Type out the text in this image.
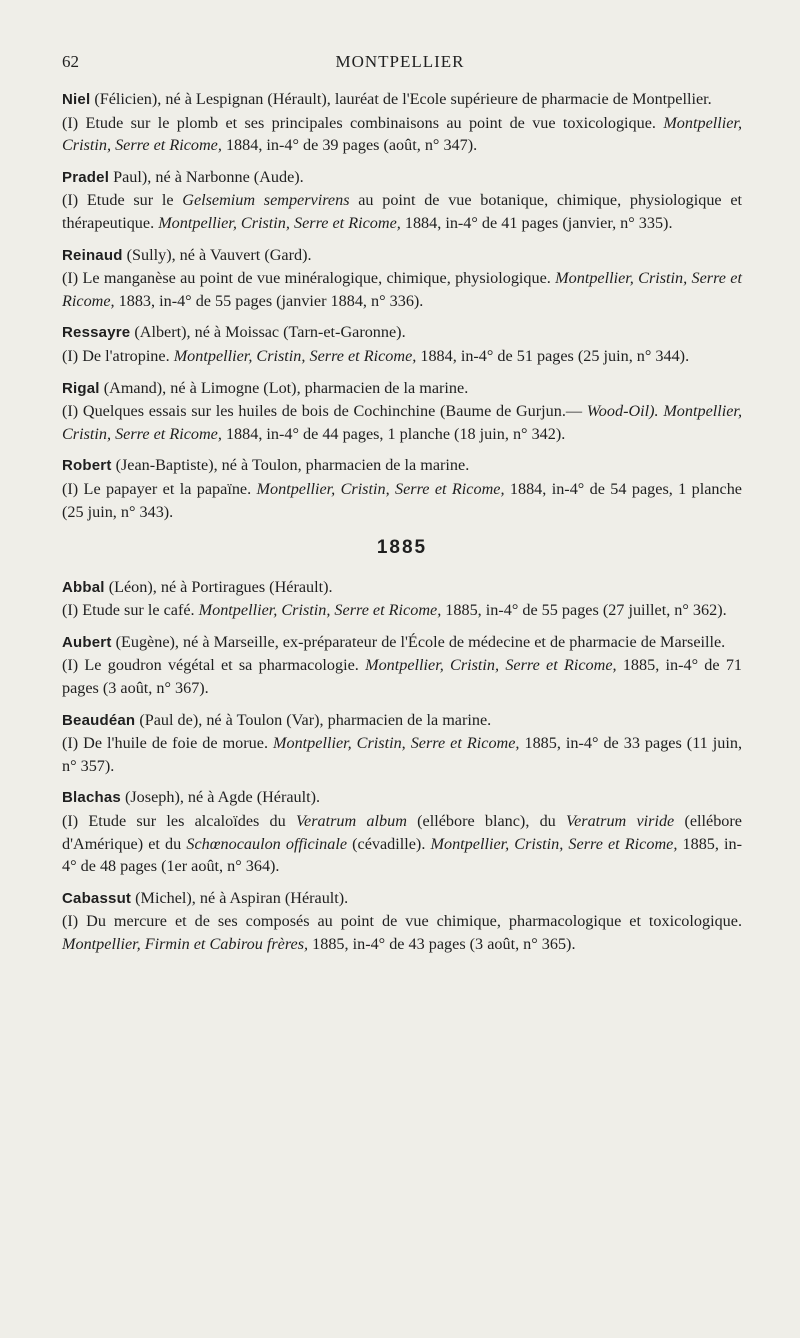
62	MONTPELLIER

Niel (Félicien), né à Lespignan (Hérault), lauréat de l'Ecole supérieure de pharmacie de Montpellier.

(I) Etude sur le plomb et ses principales combinaisons au point de vue toxicologique. Montpellier, Cristin, Serre et Ricome, 1884, in-4° de 39 pages (août, n° 347).

Pradel Paul), né à Narbonne (Aude).

(I) Etude sur le Gelsemium sempervirens au point de vue botanique, chimique, physiologique et thérapeutique. Montpellier, Cristin, Serre et Ricome, 1884, in-4° de 41 pages (janvier, n° 335).

Reinaud (Sully), né à Vauvert (Gard).

(I) Le manganèse au point de vue minéralogique, chimique, physiologique. Montpellier, Cristin, Serre et Ricome, 1883, in-4° de 55 pages (janvier 1884, n° 336).

Ressayre (Albert), né à Moissac (Tarn-et-Garonne).

(I) De l'atropine. Montpellier, Cristin, Serre et Ricome, 1884, in-4° de 51 pages (25 juin, n° 344).

Rigal (Amand), né à Limogne (Lot), pharmacien de la marine.

(I) Quelques essais sur les huiles de bois de Cochinchine (Baume de Gurjun.— Wood-Oil). Montpellier, Cristin, Serre et Ricome, 1884, in-4° de 44 pages, 1 planche (18 juin, n° 342).

Robert (Jean-Baptiste), né à Toulon, pharmacien de la marine.

(I) Le papayer et la papaïne. Montpellier, Cristin, Serre et Ricome, 1884, in-4° de 54 pages, 1 planche (25 juin, n° 343).

1885

Abbal (Léon), né à Portiragues (Hérault).

(I) Etude sur le café. Montpellier, Cristin, Serre et Ricome, 1885, in-4° de 55 pages (27 juillet, n° 362).

Aubert (Eugène), né à Marseille, ex-préparateur de l'École de médecine et de pharmacie de Marseille.

(I) Le goudron végétal et sa pharmacologie. Montpellier, Cristin, Serre et Ricome, 1885, in-4° de 71 pages (3 août, n° 367).

Beaudéan (Paul de), né à Toulon (Var), pharmacien de la marine.

(I) De l'huile de foie de morue. Montpellier, Cristin, Serre et Ricome, 1885, in-4° de 33 pages (11 juin, n° 357).

Blachas (Joseph), né à Agde (Hérault).

(I) Etude sur les alcaloïdes du Veratrum album (ellébore blanc), du Veratrum viride (ellébore d'Amérique) et du Schœnocaulon officinale (cévadille). Montpellier, Cristin, Serre et Ricome, 1885, in-4° de 48 pages (1er août, n° 364).

Cabassut (Michel), né à Aspiran (Hérault).

(I) Du mercure et de ses composés au point de vue chimique, pharmacologique et toxicologique. Montpellier, Firmin et Cabirou frères, 1885, in-4° de 43 pages (3 août, n° 365).
